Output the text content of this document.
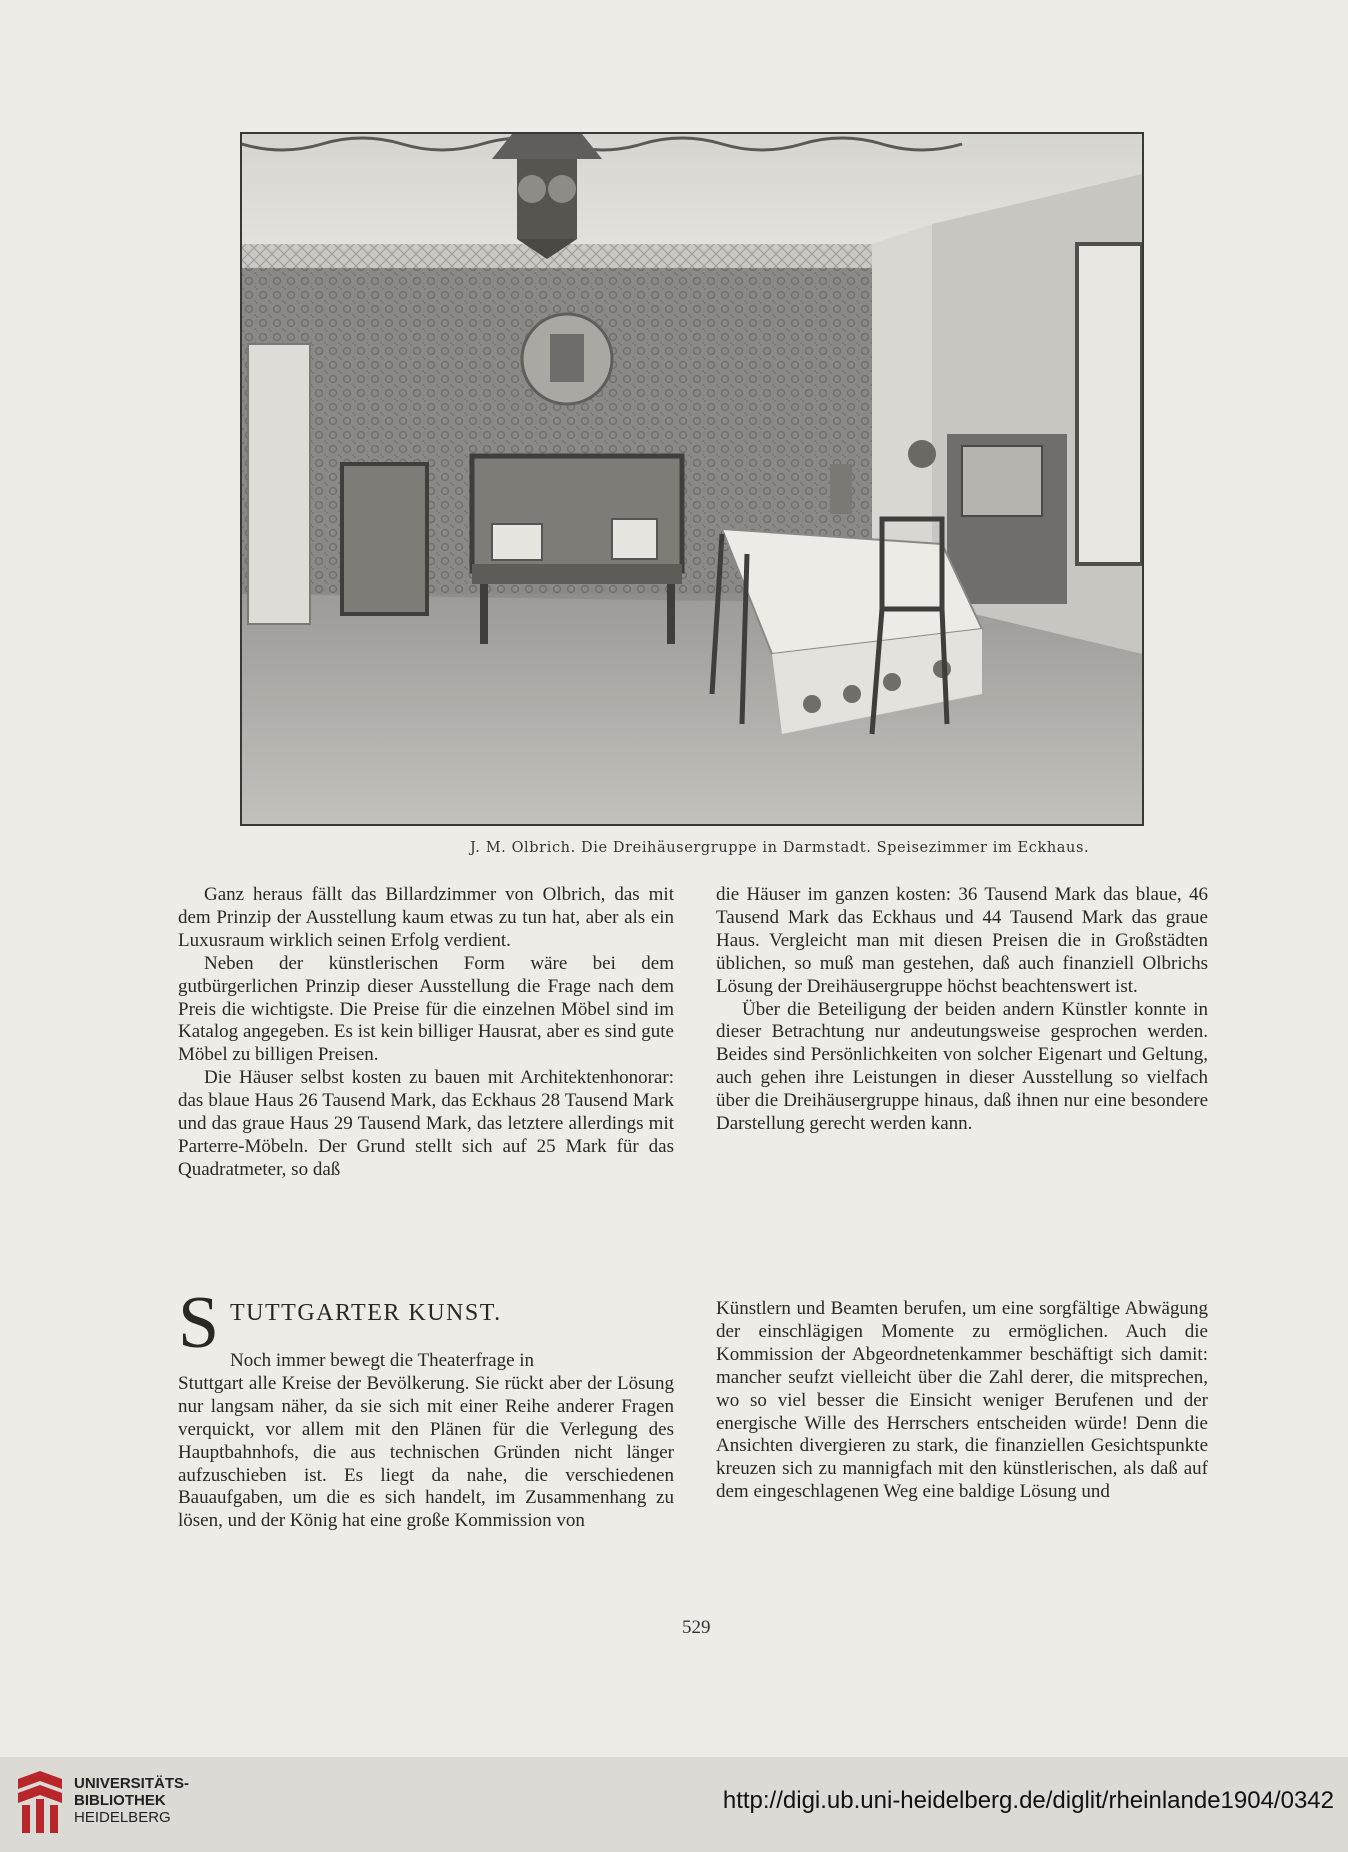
J. M. Olbrich. Die Dreihäusergruppe in Darmstadt. Speisezimmer im Eckhaus.

Ganz heraus fällt das Billardzimmer von Olbrich, das mit dem Prinzip der Ausstellung kaum etwas zu tun hat, aber als ein Luxusraum wirklich seinen Erfolg verdient.

Neben der künstlerischen Form wäre bei dem gutbürgerlichen Prinzip dieser Ausstellung die Frage nach dem Preis die wichtigste. Die Preise für die einzelnen Möbel sind im Katalog angegeben. Es ist kein billiger Hausrat, aber es sind gute Möbel zu billigen Preisen.

Die Häuser selbst kosten zu bauen mit Architektenhonorar: das blaue Haus 26 Tausend Mark, das Eckhaus 28 Tausend Mark und das graue Haus 29 Tausend Mark, das letztere allerdings mit Parterre-Möbeln. Der Grund stellt sich auf 25 Mark für das Quadratmeter, so daß

die Häuser im ganzen kosten: 36 Tausend Mark das blaue, 46 Tausend Mark das Eckhaus und 44 Tausend Mark das graue Haus. Vergleicht man mit diesen Preisen die in Großstädten üblichen, so muß man gestehen, daß auch finanziell Olbrichs Lösung der Dreihäusergruppe höchst beachtenswert ist.

Über die Beteiligung der beiden andern Künstler konnte in dieser Betrachtung nur andeutungsweise gesprochen werden. Beides sind Persönlichkeiten von solcher Eigenart und Geltung, auch gehen ihre Leistungen in dieser Ausstellung so vielfach über die Dreihäusergruppe hinaus, daß ihnen nur eine besondere Darstellung gerecht werden kann.

S TUTTGARTER KUNST.

Noch immer bewegt die Theaterfrage in

Stuttgart alle Kreise der Bevölkerung. Sie rückt aber der Lösung nur langsam näher, da sie sich mit einer Reihe anderer Fragen verquickt, vor allem mit den Plänen für die Verlegung des Hauptbahnhofs, die aus technischen Gründen nicht länger aufzuschieben ist. Es liegt da nahe, die verschiedenen Bauaufgaben, um die es sich handelt, im Zusammenhang zu lösen, und der König hat eine große Kommission von

Künstlern und Beamten berufen, um eine sorgfältige Abwägung der einschlägigen Momente zu ermöglichen. Auch die Kommission der Abgeordnetenkammer beschäftigt sich damit: mancher seufzt vielleicht über die Zahl derer, die mitsprechen, wo so viel besser die Einsicht weniger Berufenen und der energische Wille des Herrschers entscheiden würde! Denn die Ansichten divergieren zu stark, die finanziellen Gesichtspunkte kreuzen sich zu mannigfach mit den künstlerischen, als daß auf dem eingeschlagenen Weg eine baldige Lösung und

529
UNIVERSITÄTS-
BIBLIOTHEK
HEIDELBERG
http://digi.ub.uni-heidelberg.de/diglit/rheinlande1904/0342
